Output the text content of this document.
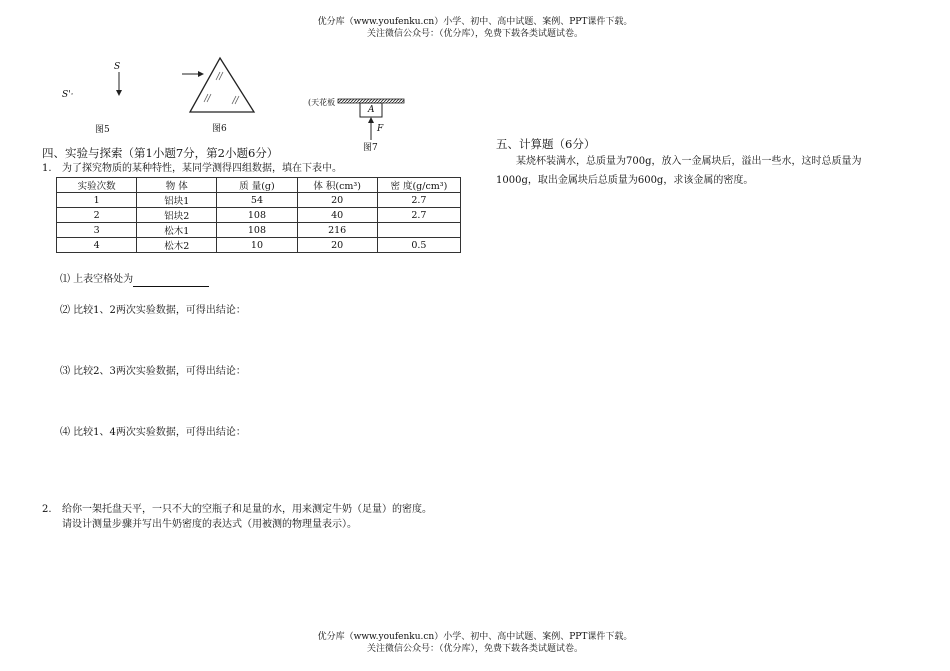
优分库（www.youfenku.cn）小学、初中、高中试题、案例、PPT课件下载。
关注微信公众号：（优分库），免费下载各类试题试卷。
S
S'·
图5	图6
(天花板
A
F
图7
四、实验与探索（第1小题7分，第2小题6分）
1. 为了探究物质的某种特性，某同学测得四组数据，填在下表中。
实验次数	物 体	质 量(g)	体 积(cm³)	密 度(g/cm³)
1	铝块1	54	20	2.7
2	铝块2	108	40	2.7
3	松木1	108	216	
4	松木2	10	20	0.5
⑴ 上表空格处为
⑵ 比较1、2两次实验数据，可得出结论：
⑶ 比较2、3两次实验数据，可得出结论：
⑷ 比较1、4两次实验数据，可得出结论：
2. 给你一架托盘天平，一只不大的空瓶子和足量的水，用来测定牛奶（足量）的密度。
请设计测量步骤并写出牛奶密度的表达式（用被测的物理量表示）。
五、计算题（6分）
某烧杯装满水，总质量为700g，放入一金属块后，溢出一些水，这时总质量为1000g，取出金属块后总质量为600g，求该金属的密度。
优分库（www.youfenku.cn）小学、初中、高中试题、案例、PPT课件下载。
关注微信公众号：（优分库），免费下载各类试题试卷。
